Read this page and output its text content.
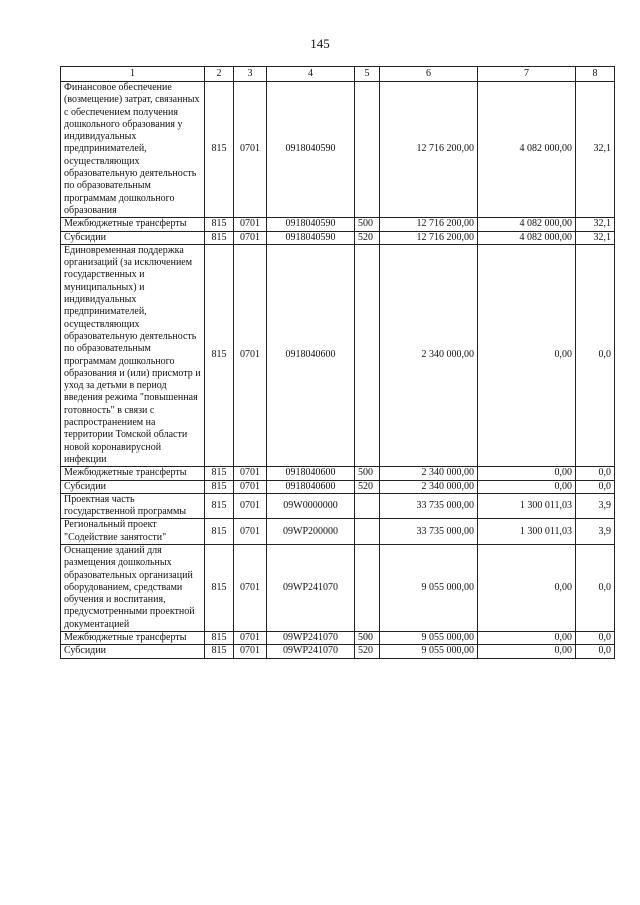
145
1	2	3	4	5	6	7	8
Финансовое обеспечение (возмещение) затрат, связанных с обеспечением получения дошкольного образования у индивидуальных предпринимателей, осуществляющих образовательную деятельность по образовательным программам дошкольного образования	815	0701	0918040590		12 716 200,00	4 082 000,00	32,1
Межбюджетные трансферты	815	0701	0918040590	500	12 716 200,00	4 082 000,00	32,1
Субсидии	815	0701	0918040590	520	12 716 200,00	4 082 000,00	32,1
Единовременная поддержка организаций (за исключением государственных и муниципальных) и индивидуальных предпринимателей, осуществляющих образовательную деятельность по образовательным программам дошкольного образования и (или) присмотр и уход за детьми в период введения режима "повышенная готовность" в связи с распространением на территории Томской области новой коронавирусной инфекции	815	0701	0918040600		2 340 000,00	0,00	0,0
Межбюджетные трансферты	815	0701	0918040600	500	2 340 000,00	0,00	0,0
Субсидии	815	0701	0918040600	520	2 340 000,00	0,00	0,0
Проектная часть государственной программы	815	0701	09W0000000		33 735 000,00	1 300 011,03	3,9
Региональный проект "Содействие занятости"	815	0701	09WP200000		33 735 000,00	1 300 011,03	3,9
Оснащение зданий для размещения дошкольных образовательных организаций оборудованием, средствами обучения и воспитания, предусмотренными проектной документацией	815	0701	09WP241070		9 055 000,00	0,00	0,0
Межбюджетные трансферты	815	0701	09WP241070	500	9 055 000,00	0,00	0,0
Субсидии	815	0701	09WP241070	520	9 055 000,00	0,00	0,0
